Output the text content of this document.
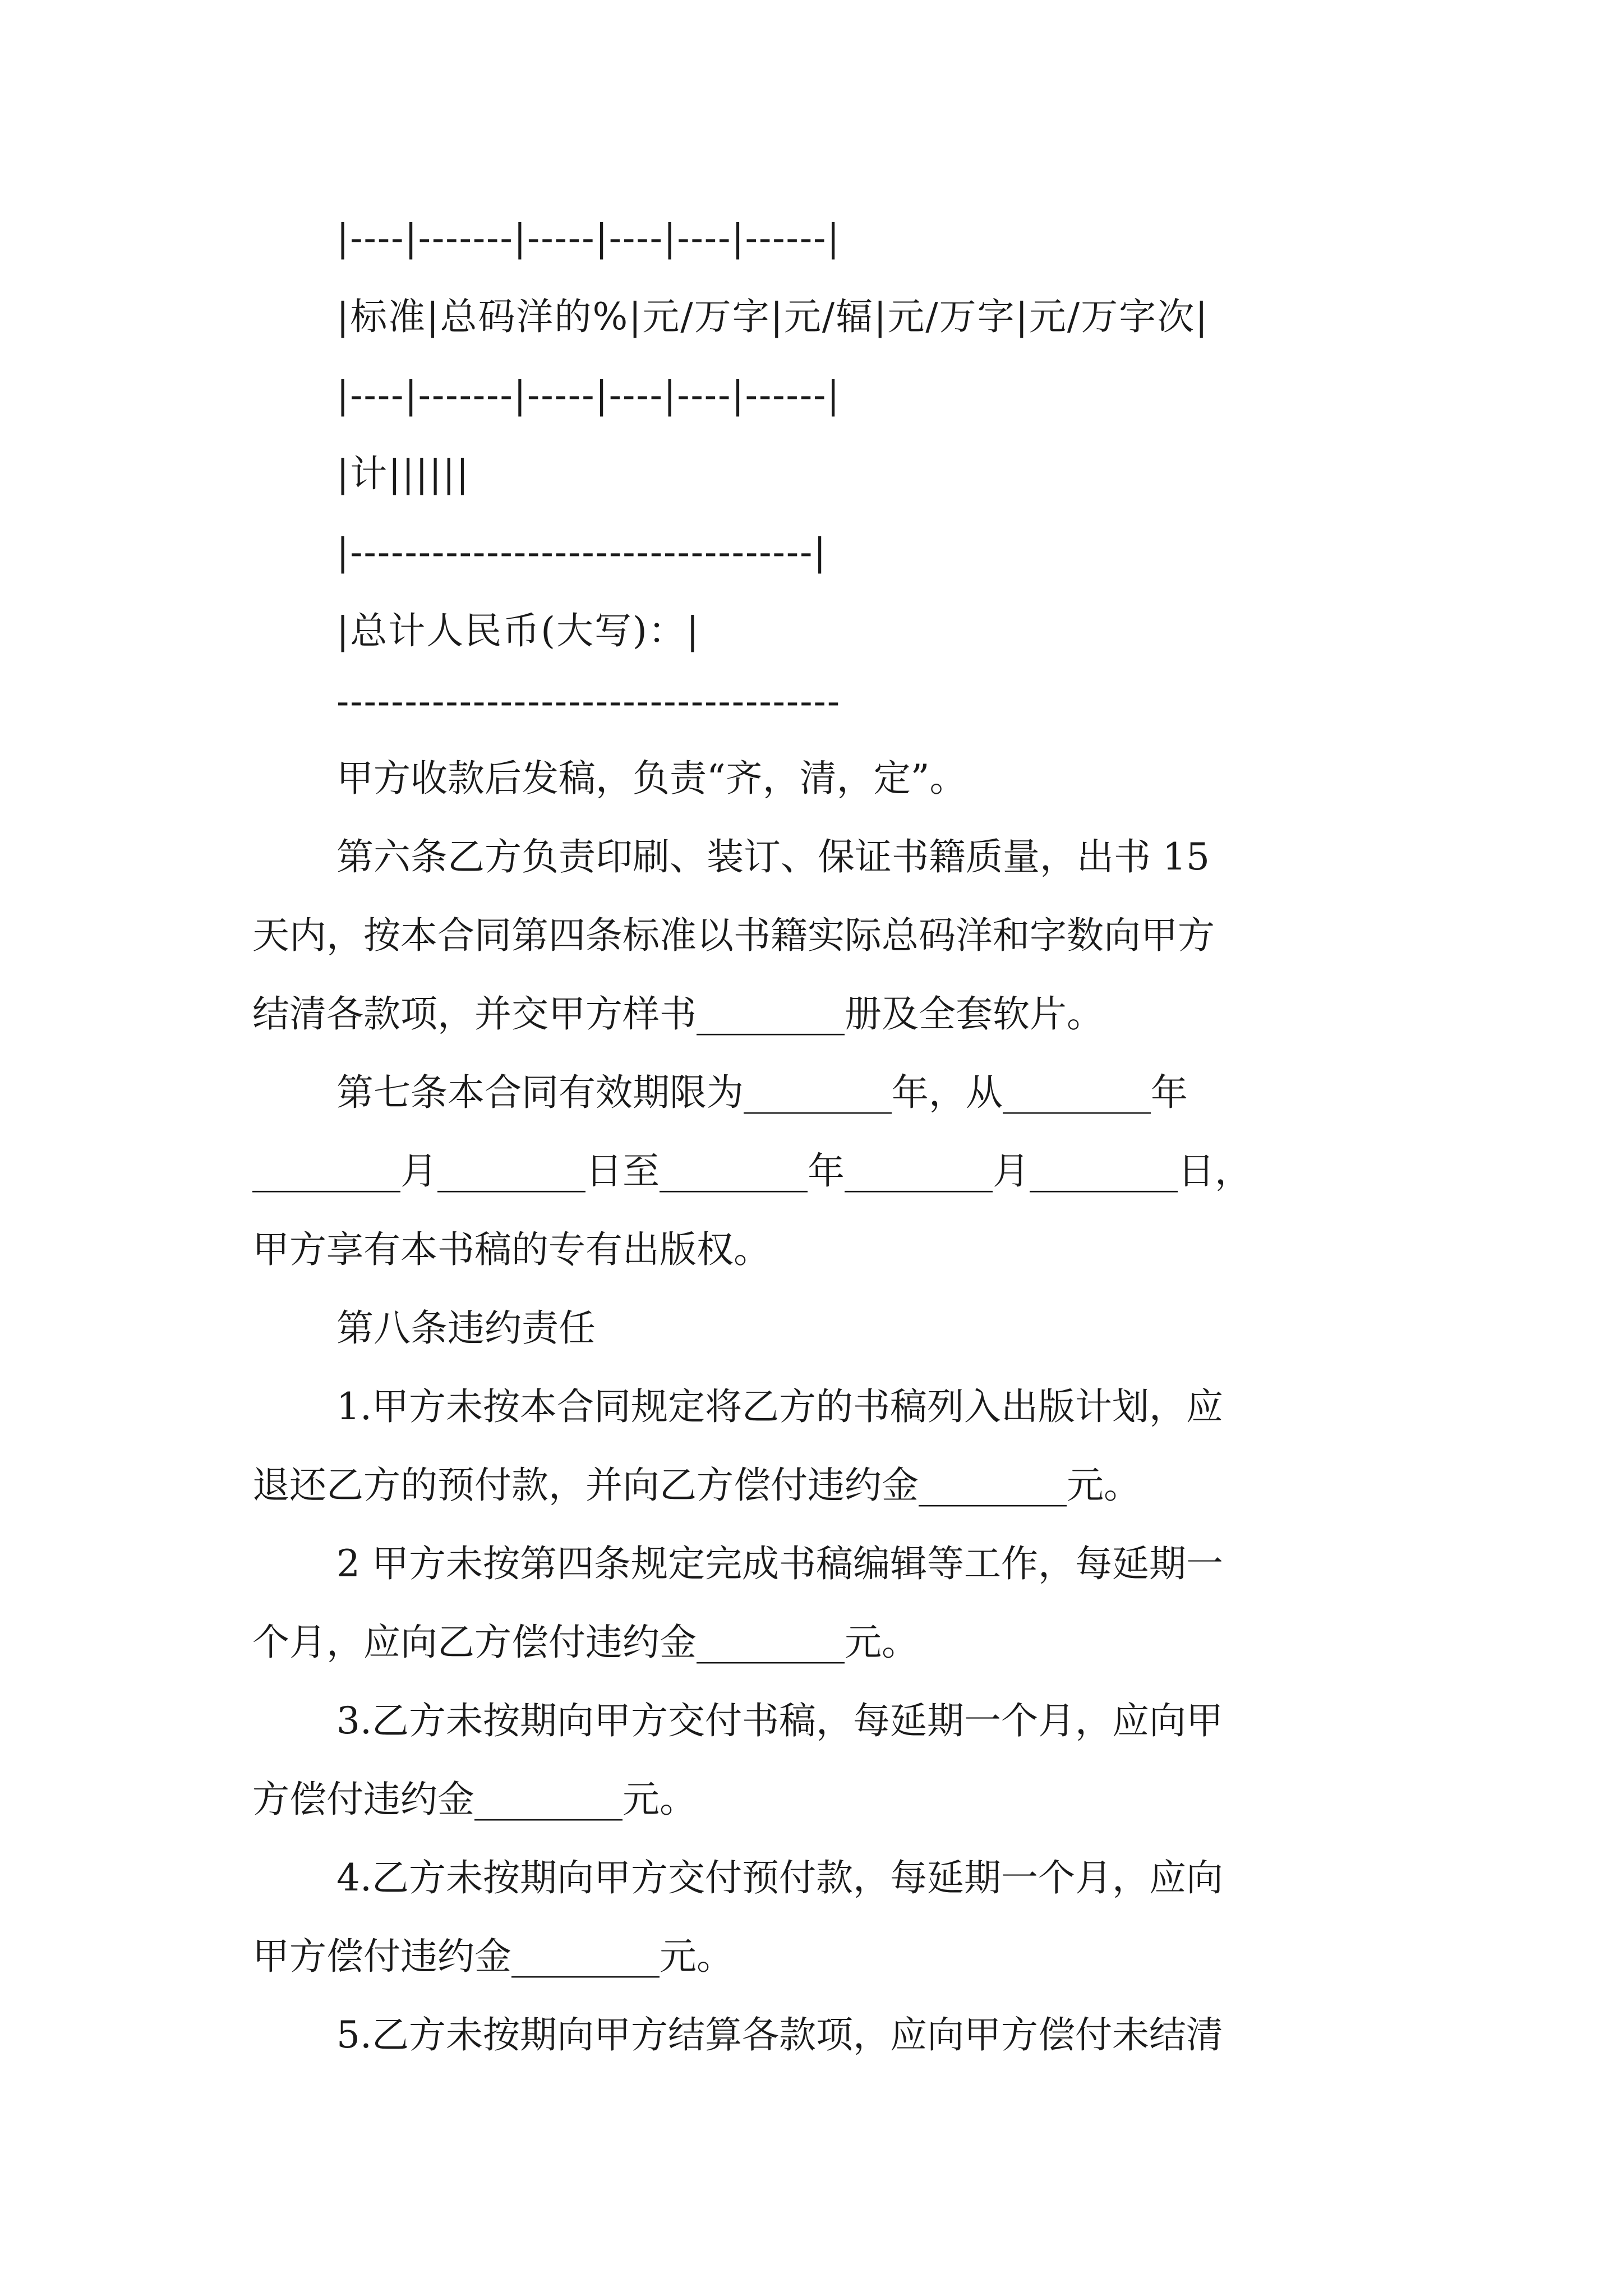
|----|-------|-----|----|----|------|
|标准|总码洋的%|元/万字|元/辐|元/万字|元/万字次|
|----|-------|-----|----|----|------|
|计||||||
|----------------------------------|
|总计人民币(大写)：|
-------------------------------------
甲方收款后发稿，负责“齐，清，定”。
第六条乙方负责印刷、装订、保证书籍质量，出书 15
天内，按本合同第四条标准以书籍实际总码洋和字数向甲方
结清各款项，并交甲方样书________册及全套软片。
第七条本合同有效期限为________年，从________年
________月________日至________年________月________日，
甲方享有本书稿的专有出版权。
第八条违约责任
1.甲方未按本合同规定将乙方的书稿列入出版计划，应
退还乙方的预付款，并向乙方偿付违约金________元。
2 甲方未按第四条规定完成书稿编辑等工作，每延期一
个月，应向乙方偿付违约金________元。
3.乙方未按期向甲方交付书稿，每延期一个月，应向甲
方偿付违约金________元。
4.乙方未按期向甲方交付预付款，每延期一个月，应向
甲方偿付违约金________元。
5.乙方未按期向甲方结算各款项，应向甲方偿付未结清
